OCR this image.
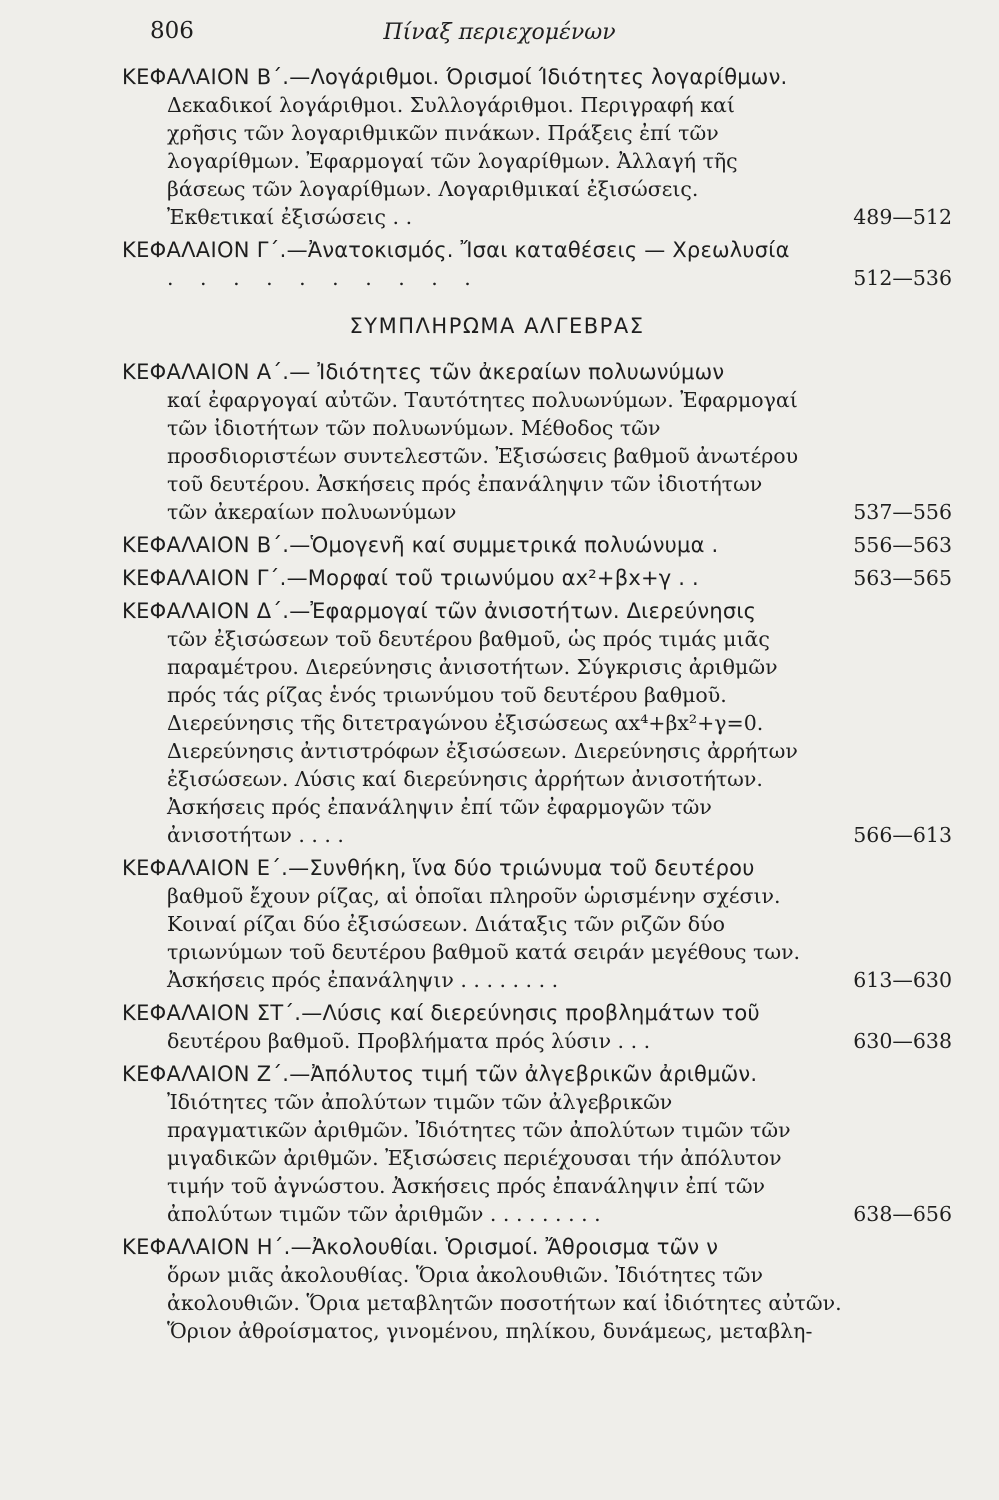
806	Πίναξ περιεχομένων
ΚΕΦΑΛΑΙΟΝ Β΄.—Λογάριθμοι. Όρισμοί Ίδιότητες λογαρίθμων.
Δεκαδικοί λογάριθμοι. Συλλογάριθμοι. Περιγραφή καί χρῆσις τῶν λογαριθμικῶν πινάκων. Πράξεις ἐπί τῶν λογαρίθμων. Ἐφαρμογαί τῶν λογαρίθμων. Ἀλλαγή τῆς βάσεως τῶν λογαρίθμων. Λογαριθμικαί ἐξισώσεις. Ἐκθετικαί ἐξισώσεις . .	489—512
ΚΕΦΑΛΑΙΟΝ Γ΄.—Ἀνατοκισμός. Ἴσαι καταθέσεις — Χρεωλυσία
. . . . . . . . . .	512—536
ΣΥΜΠΛΗΡΩΜΑ ΑΛΓΕΒΡΑΣ
ΚΕΦΑΛΑΙΟΝ Α΄.— Ἰδιότητες τῶν ἀκεραίων πολυωνύμων
καί ἐφαργογαί αὐτῶν. Ταυτότητες πολυωνύμων. Ἐφαρμογαί τῶν ἰδιοτήτων τῶν πολυωνύμων. Μέθοδος τῶν προσδιοριστέων συντελεστῶν. Ἐξισώσεις βαθμοῦ ἀνωτέρου τοῦ δευτέρου. Ἀσκήσεις πρός ἐπανάληψιν τῶν ἰδιοτήτων τῶν ἀκεραίων πολυωνύμων	537—556
ΚΕΦΑΛΑΙΟΝ Β΄.—Ὁμογενῆ καί συμμετρικά πολυώνυμα .	556—563
ΚΕΦΑΛΑΙΟΝ Γ΄.—Μορφαί τοῦ τριωνύμου αx²+βx+γ . .	563—565
ΚΕΦΑΛΑΙΟΝ Δ΄.—Ἐφαρμογαί τῶν ἀνισοτήτων. Διερεύνησις
τῶν ἐξισώσεων τοῦ δευτέρου βαθμοῦ, ὡς πρός τιμάς μιᾶς παραμέτρου. Διερεύνησις ἀνισοτήτων. Σύγκρισις ἀριθμῶν πρός τάς ρίζας ἑνός τριωνύμου τοῦ δευτέρου βαθμοῦ. Διερεύνησις τῆς διτετραγώνου ἐξισώσεως αx⁴+βx²+γ=0. Διερεύνησις ἀντιστρόφων ἐξισώσεων. Διερεύνησις ἀρρήτων ἐξισώσεων. Λύσις καί διερεύνησις ἀρρήτων ἀνισοτήτων. Ἀσκήσεις πρός ἐπανάληψιν ἐπί τῶν ἐφαρμογῶν τῶν ἀνισοτήτων . . . .	566—613
ΚΕΦΑΛΑΙΟΝ Ε΄.—Συνθήκη, ἵνα δύο τριώνυμα τοῦ δευτέρου
βαθμοῦ ἔχουν ρίζας, αἱ ὁποῖαι πληροῦν ὡρισμένην σχέσιν. Κοιναί ρίζαι δύο ἐξισώσεων. Διάταξις τῶν ριζῶν δύο τριωνύμων τοῦ δευτέρου βαθμοῦ κατά σειράν μεγέθους των. Ἀσκήσεις πρός ἐπανάληψιν . . . . . . . .	613—630
ΚΕΦΑΛΑΙΟΝ ΣΤ΄.—Λύσις καί διερεύνησις προβλημάτων τοῦ
δευτέρου βαθμοῦ. Προβλήματα πρός λύσιν . . .	630—638
ΚΕΦΑΛΑΙΟΝ Ζ΄.—Ἀπόλυτος τιμή τῶν ἀλγεβρικῶν ἀριθμῶν.
Ἰδιότητες τῶν ἀπολύτων τιμῶν τῶν ἀλγεβρικῶν πραγματικῶν ἀριθμῶν. Ἰδιότητες τῶν ἀπολύτων τιμῶν τῶν μιγαδικῶν ἀριθμῶν. Ἐξισώσεις περιέχουσαι τήν ἀπόλυτον τιμήν τοῦ ἀγνώστου. Ἀσκήσεις πρός ἐπανάληψιν ἐπί τῶν ἀπολύτων τιμῶν τῶν ἀριθμῶν . . . . . . . . .	638—656
ΚΕΦΑΛΑΙΟΝ Η΄.—Ἀκολουθίαι. Ὁρισμοί. Ἄθροισμα τῶν ν
ὅρων μιᾶς ἀκολουθίας. Ὅρια ἀκολουθιῶν. Ἰδιότητες τῶν ἀκολουθιῶν. Ὅρια μεταβλητῶν ποσοτήτων καί ἰδιότητες αὐτῶν. Ὅριον ἀθροίσματος, γινομένου, πηλίκου, δυνάμεως, μεταβλη-
